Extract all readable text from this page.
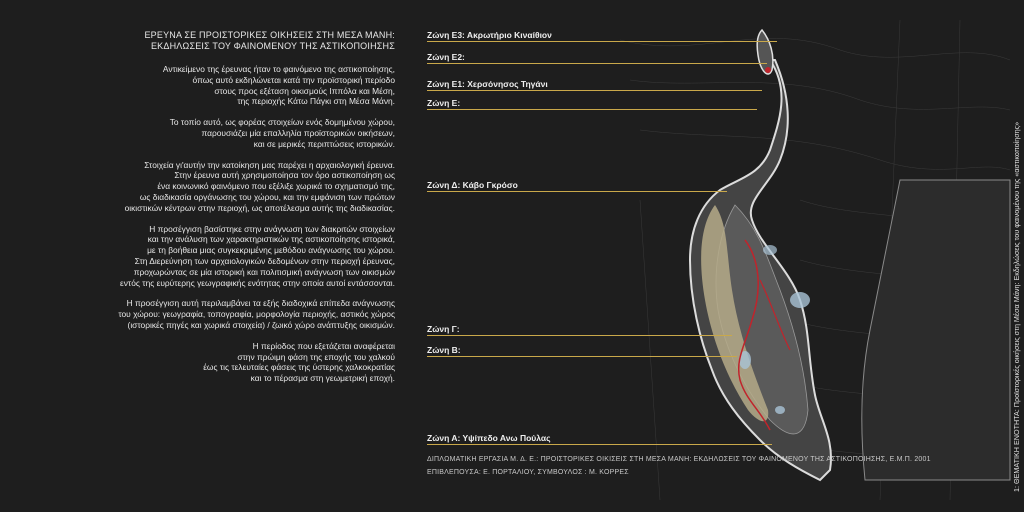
ΕΡΕΥΝΑ ΣΕ ΠΡΟΙΣΤΟΡΙΚΕΣ ΟΙΚΗΣΕΙΣ ΣΤΗ ΜΕΣΑ ΜΑΝΗ:
ΕΚΔΗΛΩΣΕΙΣ ΤΟΥ ΦΑΙΝΟΜΕΝΟΥ ΤΗΣ ΑΣΤΙΚΟΠΟΙΗΣΗΣ
Αντικείμενο της έρευνας ήταν το φαινόμενο της αστικοποίησης,
όπως αυτό εκδηλώνεται κατά την προϊστορική περίοδο
στους προς εξέταση οικισμούς Ιππόλα και Μέση,
της περιοχής Κάτω Πάγκι στη Μέσα Μάνη.
Το τοπίο αυτό, ως φορέας στοιχείων ενός δομημένου χώρου,
παρουσιάζει μία επαλληλία προϊστορικών οικήσεων,
και σε μερικές περιπτώσεις ιστορικών.
Στοιχεία γι'αυτήν την κατοίκηση μας παρέχει η αρχαιολογική έρευνα.
Στην έρευνα αυτή χρησιμοποίησα τον όρο αστικοποίηση ως
ένα κοινωνικό φαινόμενο που εξέλιξε χωρικά το σχηματισμό της,
ως διαδικασία οργάνωσης του χώρου, και την εμφάνιση των πρώτων
οικιστικών κέντρων στην περιοχή, ως αποτέλεσμα αυτής της διαδικασίας.
Η προσέγγιση βασίστηκε στην ανάγνωση των διακριτών στοιχείων
και την ανάλυση των χαρακτηριστικών της αστικοποίησης ιστορικά,
με τη βοήθεια μιας συγκεκριμένης μεθόδου ανάγνωσης του χώρου.
Στη Διερεύνηση των αρχαιολογικών δεδομένων στην περιοχή έρευνας,
προχωρώντας σε μία ιστορική και πολιτισμική ανάγνωση των οικισμών
εντός της ευρύτερης γεωγραφικής ενότητας στην οποία αυτοί εντάσσονται.
Η προσέγγιση αυτή περιλαμβάνει τα εξής διαδοχικά επίπεδα ανάγνωσης
του χώρου: γεωγραφία, τοπογραφία, μορφολογία περιοχής, αστικός χώρος
(ιστορικές πηγές και χωρικά στοιχεία) / ζωικό χώρο ανάπτυξης οικισμών.
Η περίοδος που εξετάζεται αναφέρεται
στην πρώιμη φάση της εποχής του χαλκού
έως τις τελευταίες φάσεις της ύστερης χαλκοκρατίας
και το πέρασμα στη γεωμετρική εποχή.
Ζώνη Ε3: Ακρωτήριο Κιναίθιον
Ζώνη Ε2:
Ζώνη Ε1: Χερσόνησος Τηγάνι
Ζώνη Ε:
Ζώνη Δ: Κάβο Γκρόσο
Ζώνη Γ:
Ζώνη Β:
Ζώνη Α: Υψίπεδο Ανω Πούλας
ΔΙΠΛΩΜΑΤΙΚΗ ΕΡΓΑΣΙΑ Μ. Δ. Ε.: ΠΡΟΙΣΤΟΡΙΚΕΣ ΟΙΚΙΣΕΙΣ ΣΤΗ ΜΕΣΑ ΜΑΝΗ: ΕΚΔΗΛΩΣΕΙΣ ΤΟΥ ΦΑΙΝΟΜΕΝΟΥ ΤΗΣ ΑΣΤΙΚΟΠΟΙΗΣΗΣ, Ε.Μ.Π. 2001
ΕΠΙΒΛΕΠΟΥΣΑ: Ε. ΠΟΡΤΑΛΙΟΥ, ΣΥΜΒΟΥΛΟΣ : Μ. ΚΟΡΡΕΣ	1: ΘΕΜΑΤΙΚΗ ΕΝΟΤΗΤΑ: Προϊστορικές οικήσεις στη Μέσα Μάνη: Εκδηλώσεις του φαινομένου της «αστικοποίησης»
